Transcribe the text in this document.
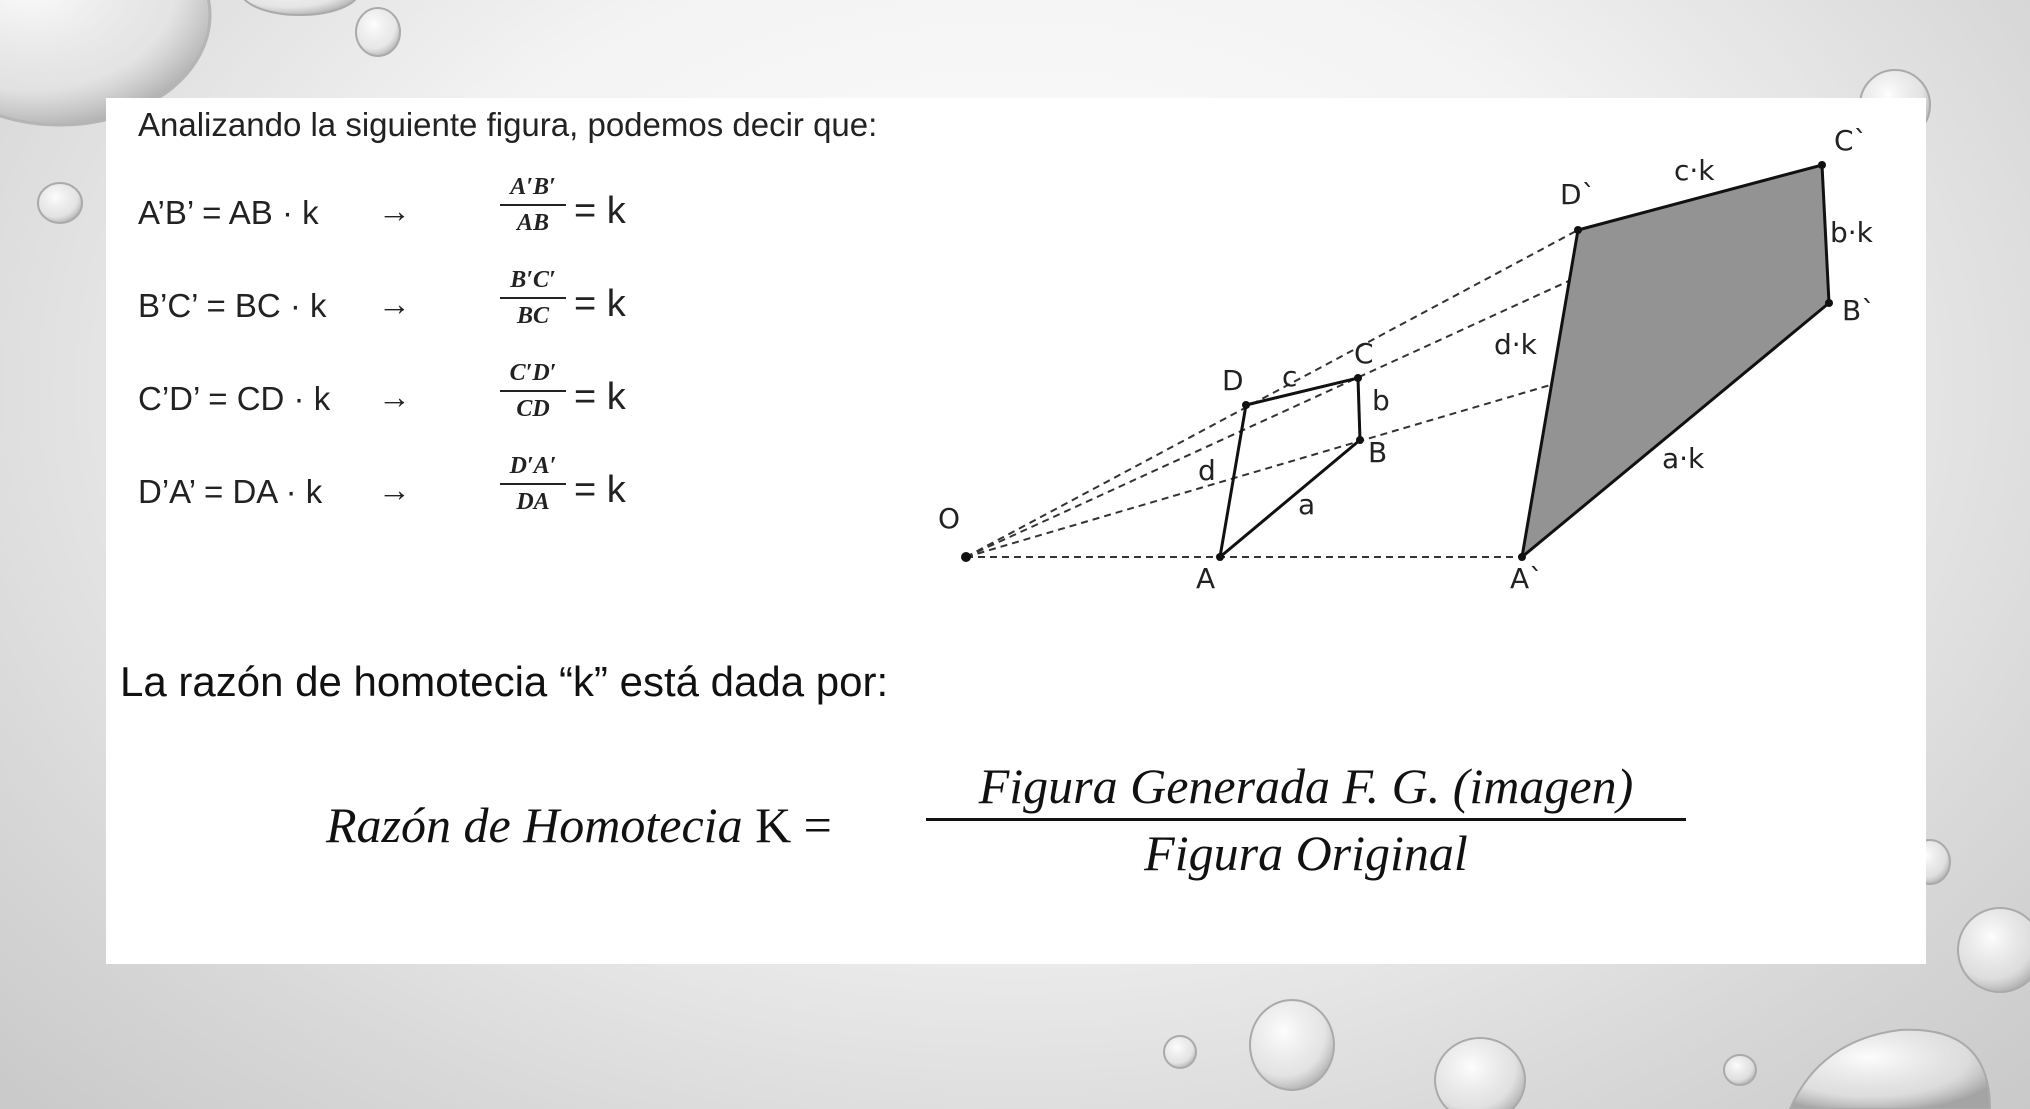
Analizando la siguiente figura, podemos decir que:
A’B’ = AB · k →
A′B′
AB = k
B’C’ = BC · k →
B′C′
BC = k
C’D’ = CD · k →
C′D′
CD = k
D’A’ = DA · k →
D′A′
DA = k
O
A
B
C
D
A`
B`
C`
D`
a
b
c
d	a·k
b·k
c·k
d·k
La razón de homotecia “k” está dada por:
Razón de Homotecia K =
Figura Generada F. G. (imagen)
Figura Original
